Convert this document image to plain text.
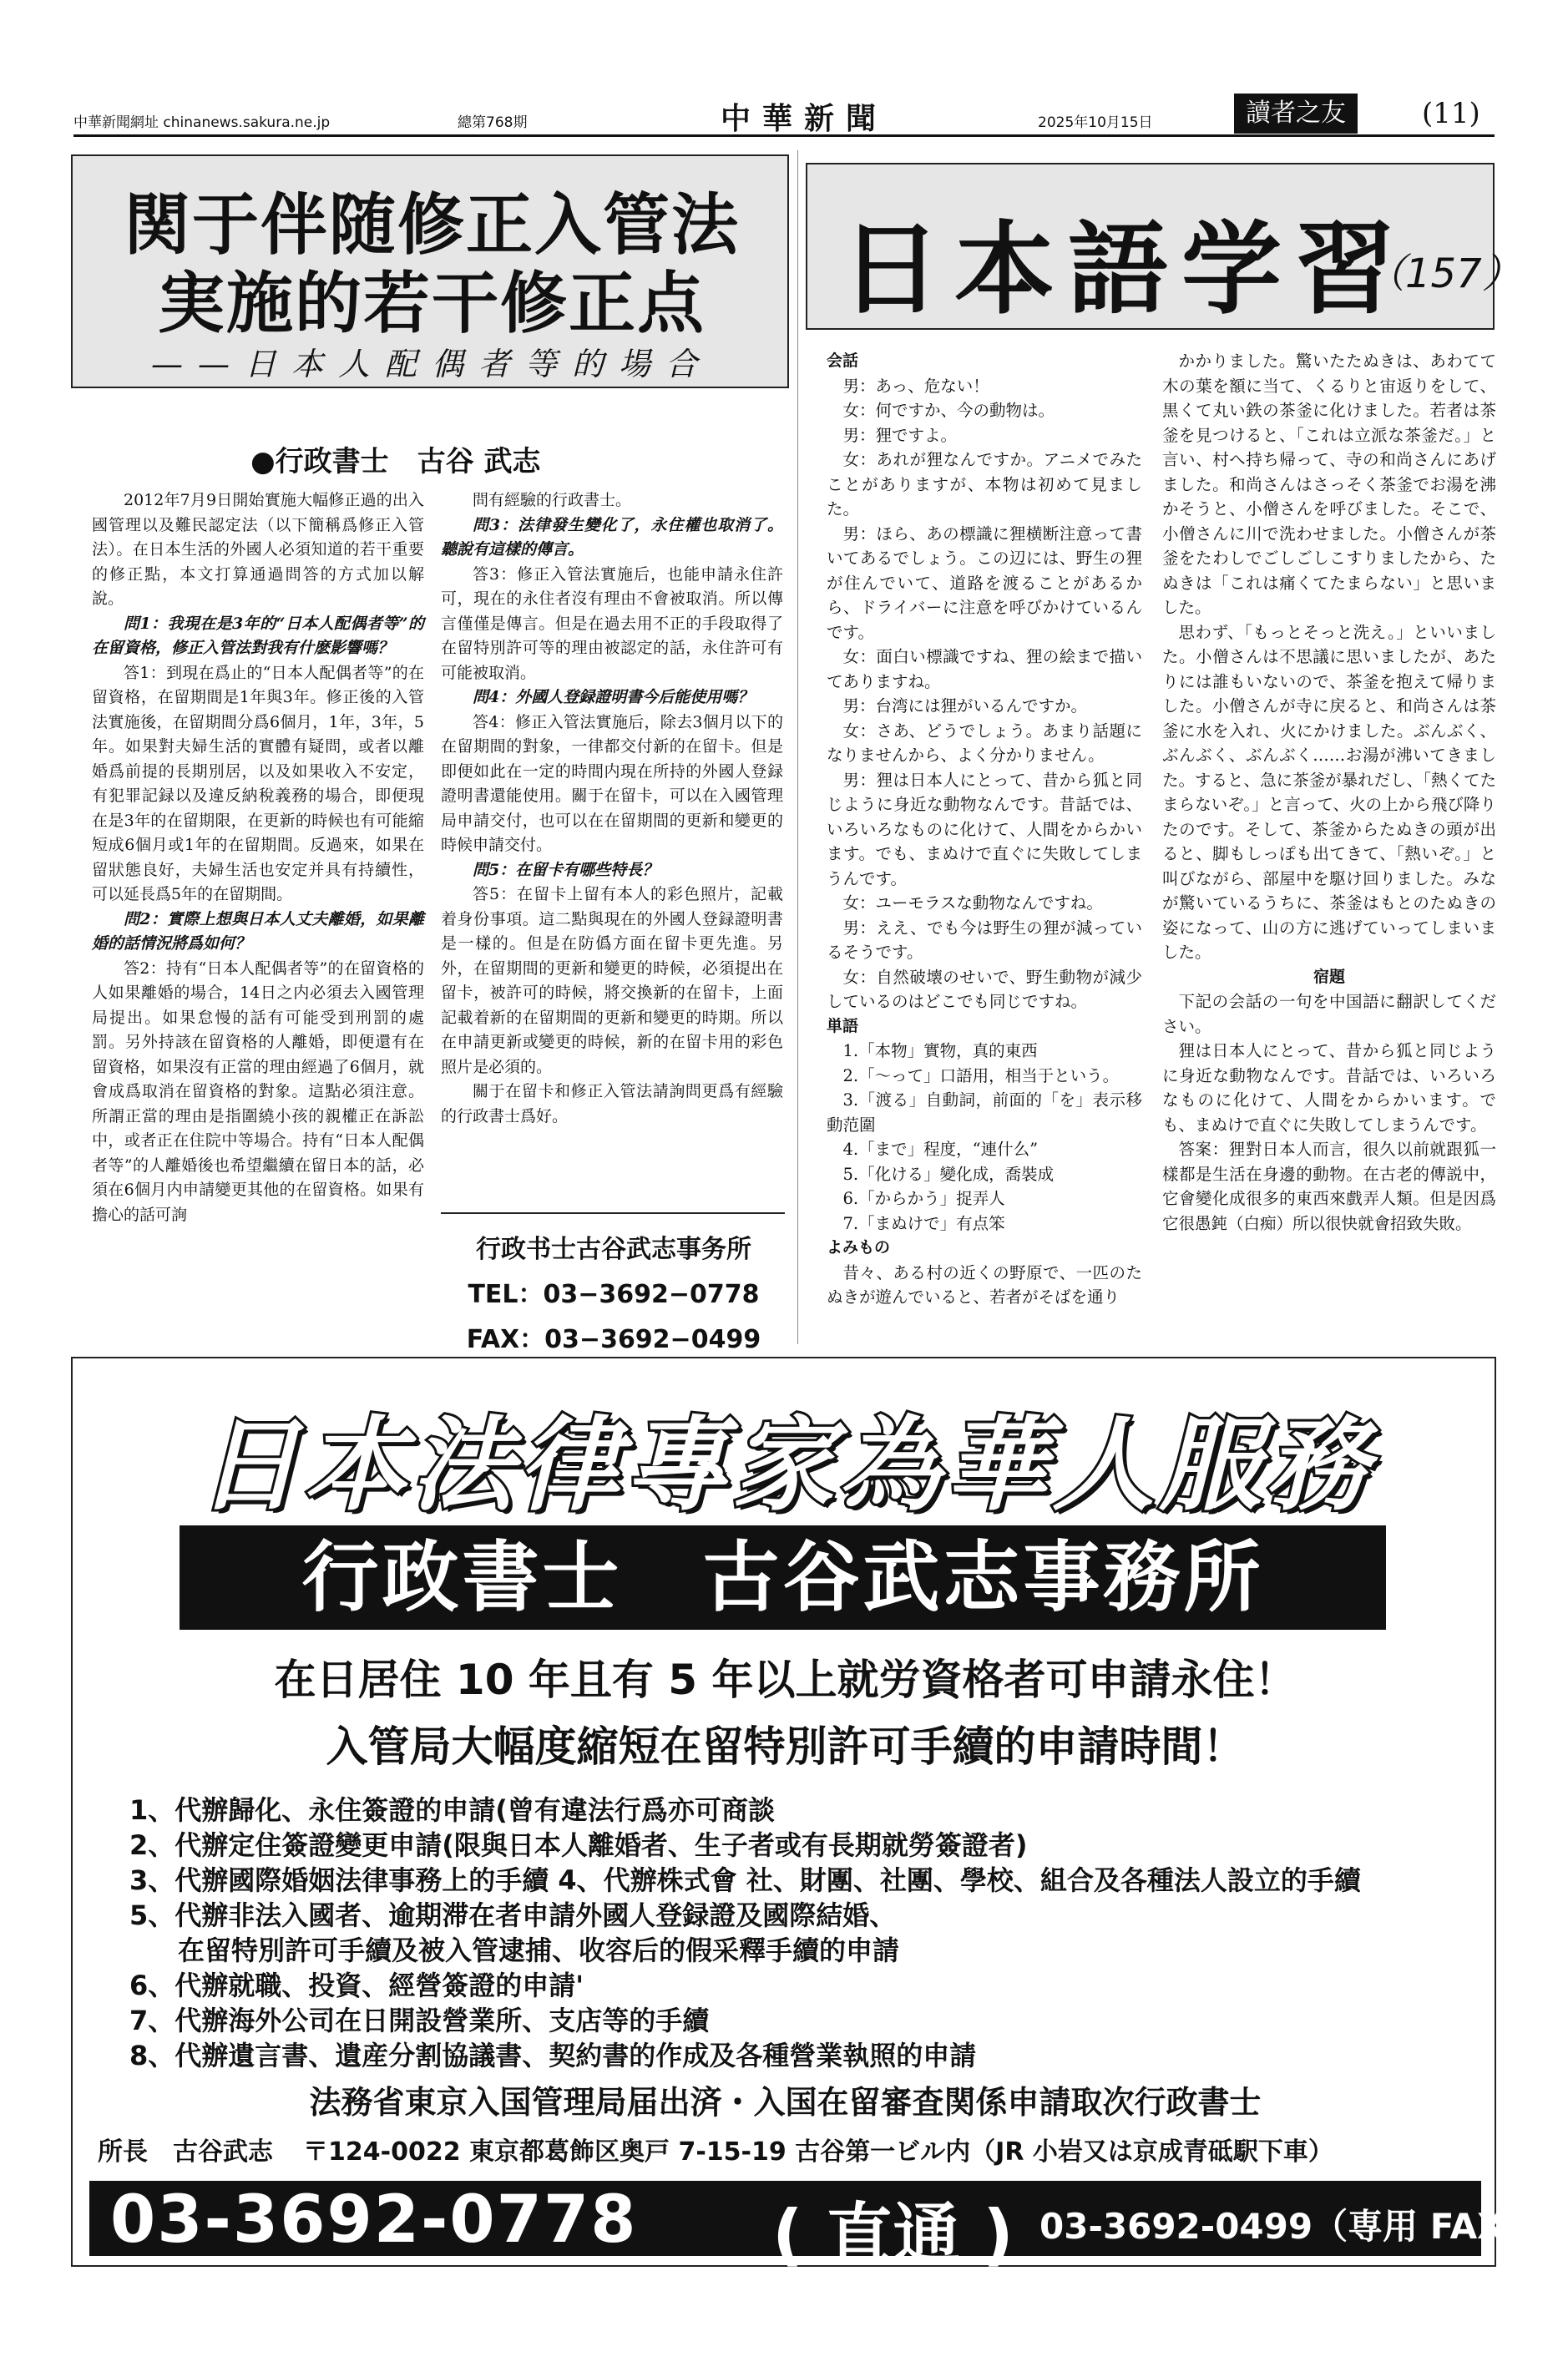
中華新聞網址 chinanews.sakura.ne.jp	總第768期	中華新聞	2025年10月15日	讀者之友	(11)
関于伴随修正入管法
実施的若干修正点
——日本人配偶者等的場合
●行政書士　古谷 武志

2012年7月9日開始實施大幅修正過的出入國管理以及難民認定法（以下簡稱爲修正入管法）。在日本生活的外國人必須知道的若干重要的修正點，本文打算通過問答的方式加以解說。

問1：我現在是3年的“日本人配偶者等”的在留資格，修正入管法對我有什麽影響嗎？

答1：到現在爲止的“日本人配偶者等”的在留資格，在留期間是1年與3年。修正後的入管法實施後，在留期間分爲6個月，1年，3年，5年。如果對夫婦生活的實體有疑問，或者以離婚爲前提的長期別居，以及如果收入不安定，有犯罪記録以及違反納稅義務的場合，即便現在是3年的在留期限，在更新的時候也有可能縮短成6個月或1年的在留期間。反過來，如果在留狀態良好，夫婦生活也安定并具有持續性，可以延長爲5年的在留期間。

問2：實際上想與日本人丈夫離婚，如果離婚的話情況將爲如何？

答2：持有“日本人配偶者等”的在留資格的人如果離婚的場合，14日之内必須去入國管理局提出。如果怠慢的話有可能受到刑罰的處罰。另外持該在留資格的人離婚，即便還有在留資格，如果沒有正當的理由經過了6個月，就會成爲取消在留資格的對象。這點必須注意。所謂正當的理由是指圍繞小孩的親權正在訴訟中，或者正在住院中等場合。持有“日本人配偶者等”的人離婚後也希望繼續在留日本的話，必須在6個月内申請變更其他的在留資格。如果有擔心的話可詢

問有經驗的行政書士。

問3：法律發生變化了，永住權也取消了。聽說有這樣的傳言。

答3：修正入管法實施后，也能申請永住許可，現在的永住者沒有理由不會被取消。所以傳言僅僅是傳言。但是在過去用不正的手段取得了在留特別許可等的理由被認定的話，永住許可有可能被取消。

問4：外國人登録證明書今后能使用嗎？

答4：修正入管法實施后，除去3個月以下的在留期間的對象，一律都交付新的在留卡。但是即便如此在一定的時間内現在所持的外國人登録證明書還能使用。關于在留卡，可以在入國管理局申請交付，也可以在在留期間的更新和變更的時候申請交付。

問5：在留卡有哪些特長？

答5：在留卡上留有本人的彩色照片，記載着身份事項。這二點與現在的外國人登録證明書是一樣的。但是在防僞方面在留卡更先進。另外，在留期間的更新和變更的時候，必須提出在留卡，被許可的時候，將交換新的在留卡，上面記載着新的在留期間的更新和變更的時期。所以在申請更新或變更的時候，新的在留卡用的彩色照片是必須的。

關于在留卡和修正入管法請詢問更爲有經驗的行政書士爲好。

行政书士古谷武志事务所
TEL：03−3692−0778
FAX：03−3692−0499
日本語学習
（157）
会話

男：あっ、危ない！

女：何ですか、今の動物は。

男：狸ですよ。

女：あれが狸なんですか。アニメでみたことがありますが、本物は初めて見ました。

男：ほら、あの標識に狸横断注意って書いてあるでしょう。この辺には、野生の狸が住んでいて、道路を渡ることがあるから、ドライバーに注意を呼びかけているんです。

女：面白い標識ですね、狸の絵まで描いてありますね。

男：台湾には狸がいるんですか。

女：さあ、どうでしょう。あまり話題になりませんから、よく分かりません。

男：狸は日本人にとって、昔から狐と同じように身近な動物なんです。昔話では、いろいろなものに化けて、人間をからかいます。でも、まぬけで直ぐに失敗してしまうんです。

女：ユーモラスな動物なんですね。

男：ええ、でも今は野生の狸が減っているそうです。

女：自然破壊のせいで、野生動物が減少しているのはどこでも同じですね。

単語

1.「本物」實物，真的東西

2.「〜って」口語用，相当于という。

3.「渡る」自動詞，前面的「を」表示移動范圍

4.「まで」程度，“連什么”

5.「化ける」變化成，喬裝成

6.「からかう」捉弄人

7.「まぬけで」有点笨

よみもの

昔々、ある村の近くの野原で、一匹のたぬきが遊んでいると、若者がそばを通り

かかりました。驚いたたぬきは、あわてて木の葉を額に当て、くるりと宙返りをして、黒くて丸い鉄の茶釜に化けました。若者は茶釜を見つけると、「これは立派な茶釜だ。」と言い、村へ持ち帰って、寺の和尚さんにあげました。和尚さんはさっそく茶釜でお湯を沸かそうと、小僧さんを呼びました。そこで、小僧さんに川で洗わせました。小僧さんが茶釜をたわしでごしごしこすりましたから、たぬきは「これは痛くてたまらない」と思いました。

思わず、「もっとそっと洗え。」といいました。小僧さんは不思議に思いましたが、あたりには誰もいないので、茶釜を抱えて帰りました。小僧さんが寺に戻ると、和尚さんは茶釜に水を入れ、火にかけました。ぶんぶく、ぶんぶく、ぶんぶく……お湯が沸いてきました。すると、急に茶釜が暴れだし、「熱くてたまらないぞ。」と言って、火の上から飛び降りたのです。そして、茶釜からたぬきの頭が出ると、脚もしっぽも出てきて、「熱いぞ。」と叫びながら、部屋中を駆け回りました。みなが驚いているうちに、茶釜はもとのたぬきの姿になって、山の方に逃げていってしまいました。

宿題

下記の会話の一句を中国語に翻訳してください。

狸は日本人にとって、昔から狐と同じように身近な動物なんです。昔話では、いろいろなものに化けて、人間をからかいます。でも、まぬけで直ぐに失敗してしまうんです。

答案：狸對日本人而言，很久以前就跟狐一樣都是生活在身邊的動物。在古老的傳説中，它會變化成很多的東西來戲弄人類。但是因爲它很愚鈍（白痴）所以很快就會招致失敗。

日本法律專家為華人服務
行政書士　古谷武志事務所
在日居住 10 年且有 5 年以上就労資格者可申請永住！
入管局大幅度縮短在留特別許可手續的申請時間！
1、代辦歸化、永住簽證的申請(曾有違法行爲亦可商談
2、代辦定住簽證變更申請(限與日本人離婚者、生子者或有長期就勞簽證者)
3、代辦國際婚姻法律事務上的手續 4、代辦株式會 社、財團、社團、學校、組合及各種法人設立的手續
5、代辦非法入國者、逾期滞在者申請外國人登録證及國際結婚、
在留特別許可手續及被入管逮捕、收容后的假采釋手續的申請
6、代辦就職、投資、經營簽證的申請'
7、代辦海外公司在日開設營業所、支店等的手續
8、代辦遺言書、遺産分割協議書、契約書的作成及各種營業執照的申請
法務省東京入国管理局届出済・入国在留審査関係申請取次行政書士
所長　古谷武志 〒124-0022 東京都葛飾区奥戸 7-15-19 古谷第一ビル内（JR 小岩又は京成青砥駅下車）
03-3692-0778 ( 直通 ) 03-3692-0499（専用 FAX）
